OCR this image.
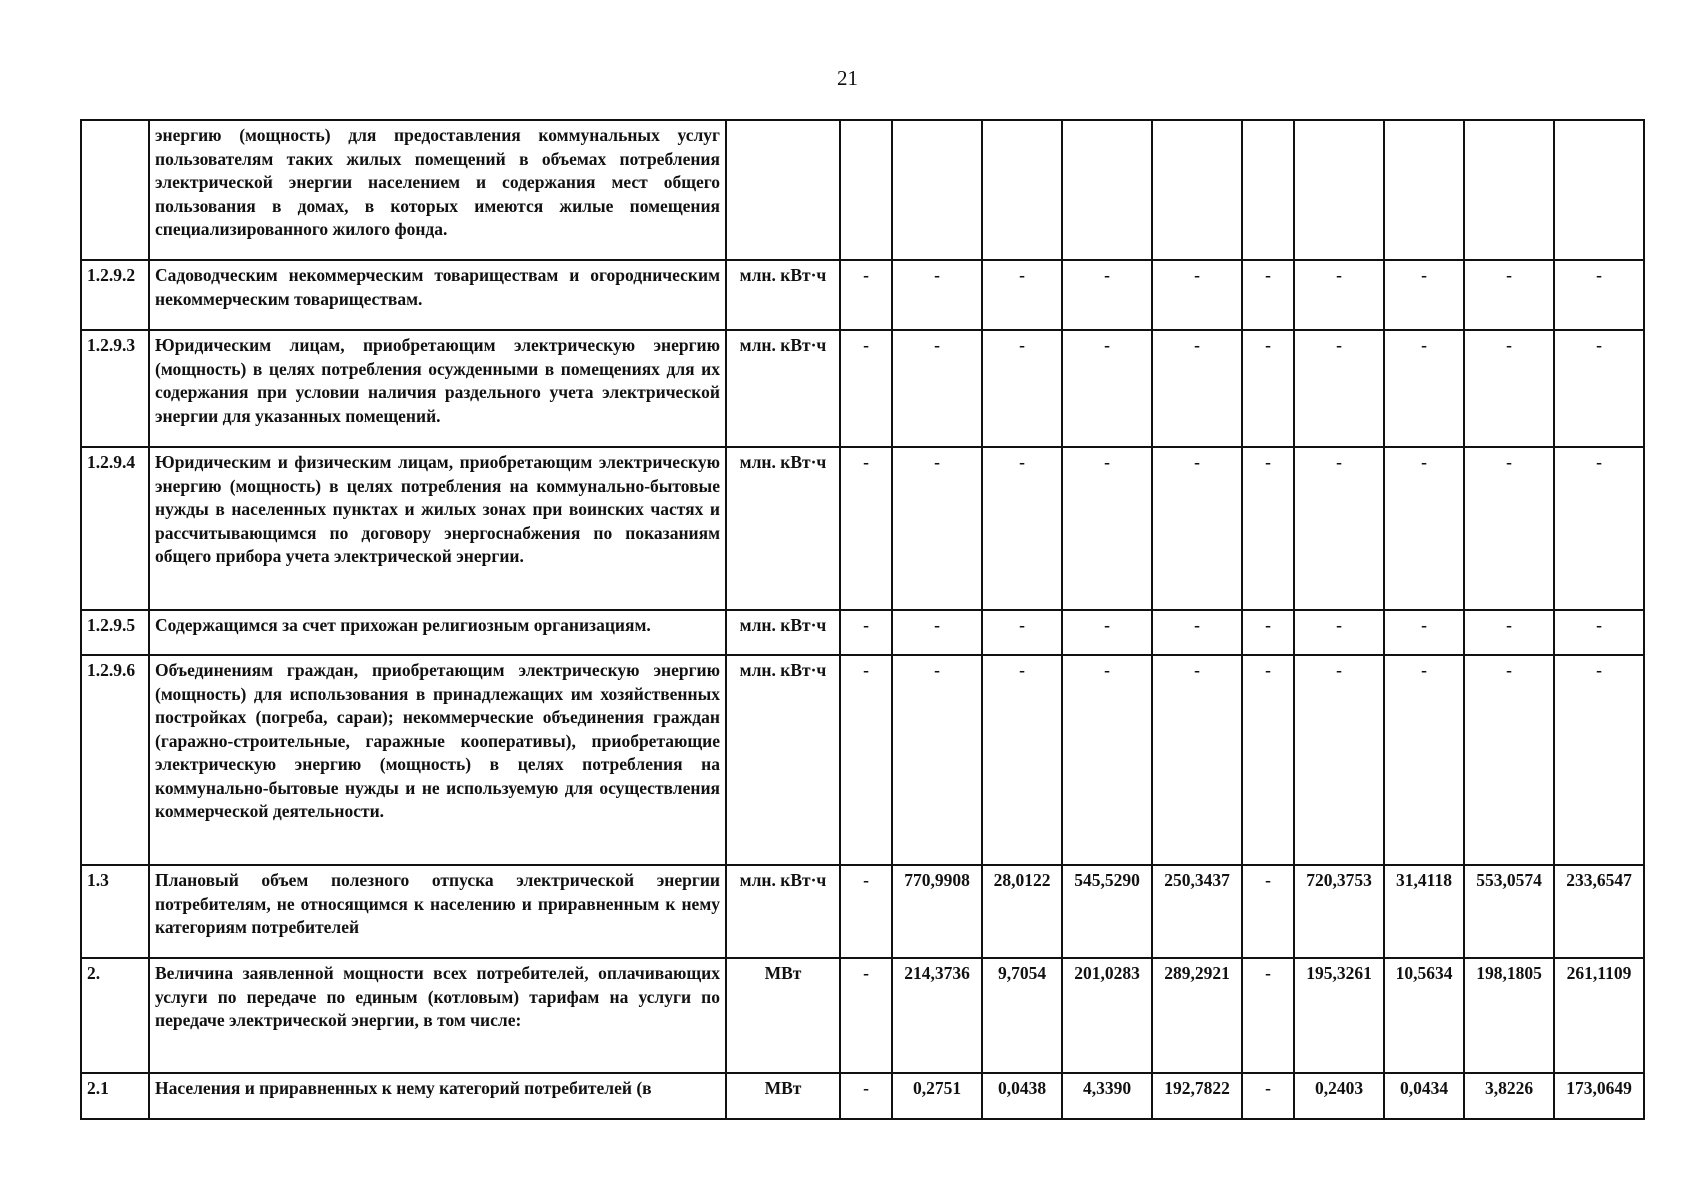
21
	энергию (мощность) для предоставления коммунальных услуг пользователям таких жилых помещений в объемах потребления электрической энергии населением и содержания мест общего пользования в домах, в которых имеются жилые помещения специализированного жилого фонда.											
1.2.9.2	Садоводческим некоммерческим товариществам и огородническим некоммерческим товариществам.	млн. кВт·ч	-	-	-	-	-	-	-	-	-	-
1.2.9.3	Юридическим лицам, приобретающим электрическую энергию (мощность) в целях потребления осужденными в помещениях для их содержания при условии наличия раздельного учета электрической энергии для указанных помещений.	млн. кВт·ч	-	-	-	-	-	-	-	-	-	-
1.2.9.4	Юридическим и физическим лицам, приобретающим электрическую энергию (мощность) в целях потребления на коммунально-бытовые нужды в населенных пунктах и жилых зонах при воинских частях и рассчитывающимся по договору энергоснабжения по показаниям общего прибора учета электрической энергии.	млн. кВт·ч	-	-	-	-	-	-	-	-	-	-
1.2.9.5	Содержащимся за счет прихожан религиозным организациям.	млн. кВт·ч	-	-	-	-	-	-	-	-	-	-
1.2.9.6	Объединениям граждан, приобретающим электрическую энергию (мощность) для использования в принадлежащих им хозяйственных постройках (погреба, сараи); некоммерческие объединения граждан (гаражно-строительные, гаражные кооперативы), приобретающие электрическую энергию (мощность) в целях потребления на коммунально-бытовые нужды и не используемую для осуществления коммерческой деятельности.	млн. кВт·ч	-	-	-	-	-	-	-	-	-	-
1.3	Плановый объем полезного отпуска электрической энергии потребителям, не относящимся к населению и приравненным к нему категориям потребителей	млн. кВт·ч	-	770,9908	28,0122	545,5290	250,3437	-	720,3753	31,4118	553,0574	233,6547
2.	Величина заявленной мощности всех потребителей, оплачивающих услуги по передаче по единым (котловым) тарифам на услуги по передаче электрической энергии, в том числе:	МВт	-	214,3736	9,7054	201,0283	289,2921	-	195,3261	10,5634	198,1805	261,1109
2.1	Населения и приравненных к нему категорий потребителей (в	МВт	-	0,2751	0,0438	4,3390	192,7822	-	0,2403	0,0434	3,8226	173,0649
